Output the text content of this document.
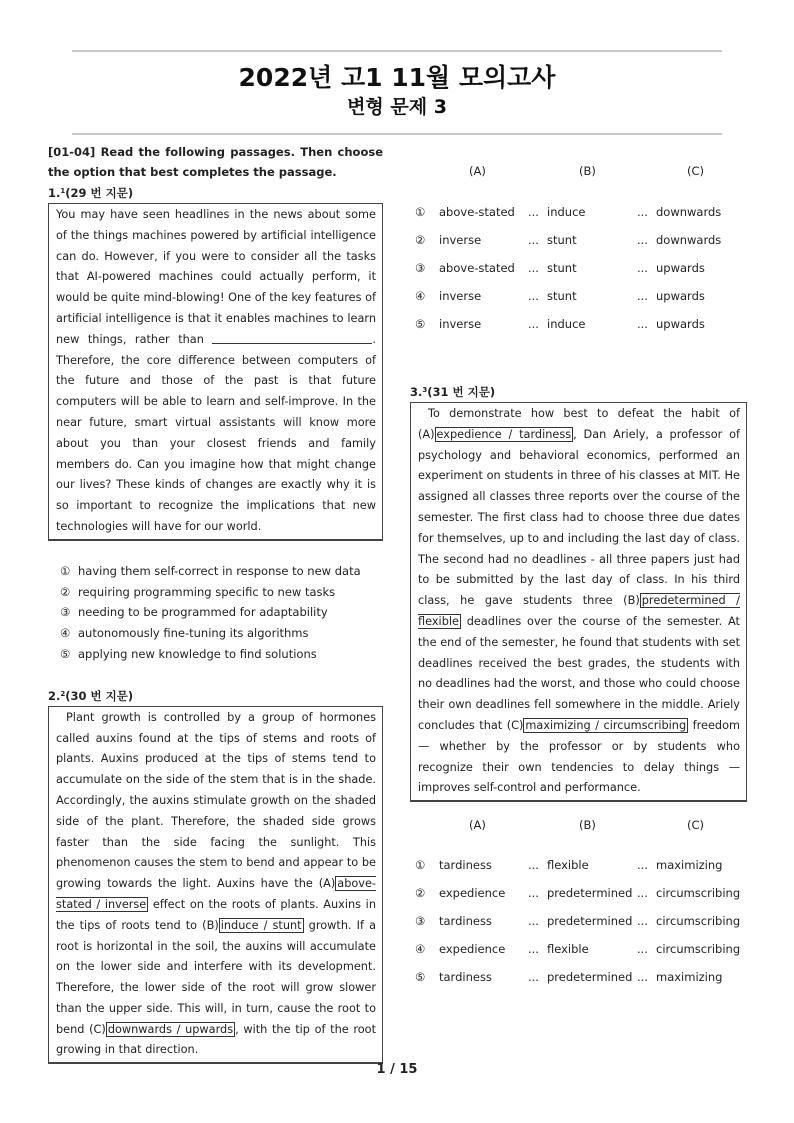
2022년 고1 11월 모의고사
변형 문제 3
[01-04] Read the following passages. Then choose the option that best completes the passage.
1.$^1$(29 번 지문)

You may have seen headlines in the news about some of the things machines powered by artificial intelligence can do. However, if you were to consider all the tasks that AI-powered machines could actually perform, it would be quite mind-blowing! One of the key features of artificial intelligence is that it enables machines to learn new things, rather than	. Therefore, the core difference between computers of the future and those of the past is that future computers will be able to learn and self-improve. In the near future, smart virtual assistants will know more about you than your closest friends and family members do. Can you imagine how that might change our lives? These kinds of changes are exactly why it is so important to recognize the implications that new technologies will have for our world.

① having them self-correct in response to new data
② requiring programming specific to new tasks
③ needing to be programmed for adaptability
④ autonomously fine-tuning its algorithms
⑤ applying new knowledge to find solutions
2.$^2$(30 번 지문)

Plant growth is controlled by a group of hormones called auxins found at the tips of stems and roots of plants. Auxins produced at the tips of stems tend to accumulate on the side of the stem that is in the shade. Accordingly, the auxins stimulate growth on the shaded side of the plant. Therefore, the shaded side grows faster than the side facing the sunlight. This phenomenon causes the stem to bend and appear to be growing towards the light. Auxins have the (A) above-stated / inverse effect on the roots of plants. Auxins in the tips of roots tend to (B) induce / stunt growth. If a root is horizontal in the soil, the auxins will accumulate on the lower side and interfere with its development. Therefore, the lower side of the root will grow slower than the upper side. This will, in turn, cause the root to bend (C) downwards / upwards , with the tip of the root growing in that direction.

(A)	(B)	(C)
① above-stated ... induce	... downwards
② inverse	... stunt	... downwards
③ above-stated ... stunt	... upwards
④ inverse	... stunt	... upwards
⑤ inverse	... induce	... upwards
3.$^3$(31 번 지문)

To demonstrate how best to defeat the habit of (A) expedience / tardiness , Dan Ariely, a professor of psychology and behavioral economics, performed an experiment on students in three of his classes at MIT. He assigned all classes three reports over the course of the semester. The first class had to choose three due dates for themselves, up to and including the last day of class. The second had no deadlines - all three papers just had to be submitted by the last day of class. In his third class, he gave students three (B) predetermined / flexible deadlines over the course of the semester. At the end of the semester, he found that students with set deadlines received the best grades, the students with no deadlines had the worst, and those who could choose their own deadlines fell somewhere in the middle. Ariely concludes that (C) maximizing / circumscribing freedom — whether by the professor or by students who recognize their own tendencies to delay things — improves self-control and performance.

(A)	(B)	(C)
① tardiness	... flexible	... maximizing
② expedience ... predetermined ... circumscribing
③ tardiness	... predetermined ... circumscribing
④ expedience ... flexible	... circumscribing
⑤ tardiness	... predetermined ... maximizing
1 / 15
